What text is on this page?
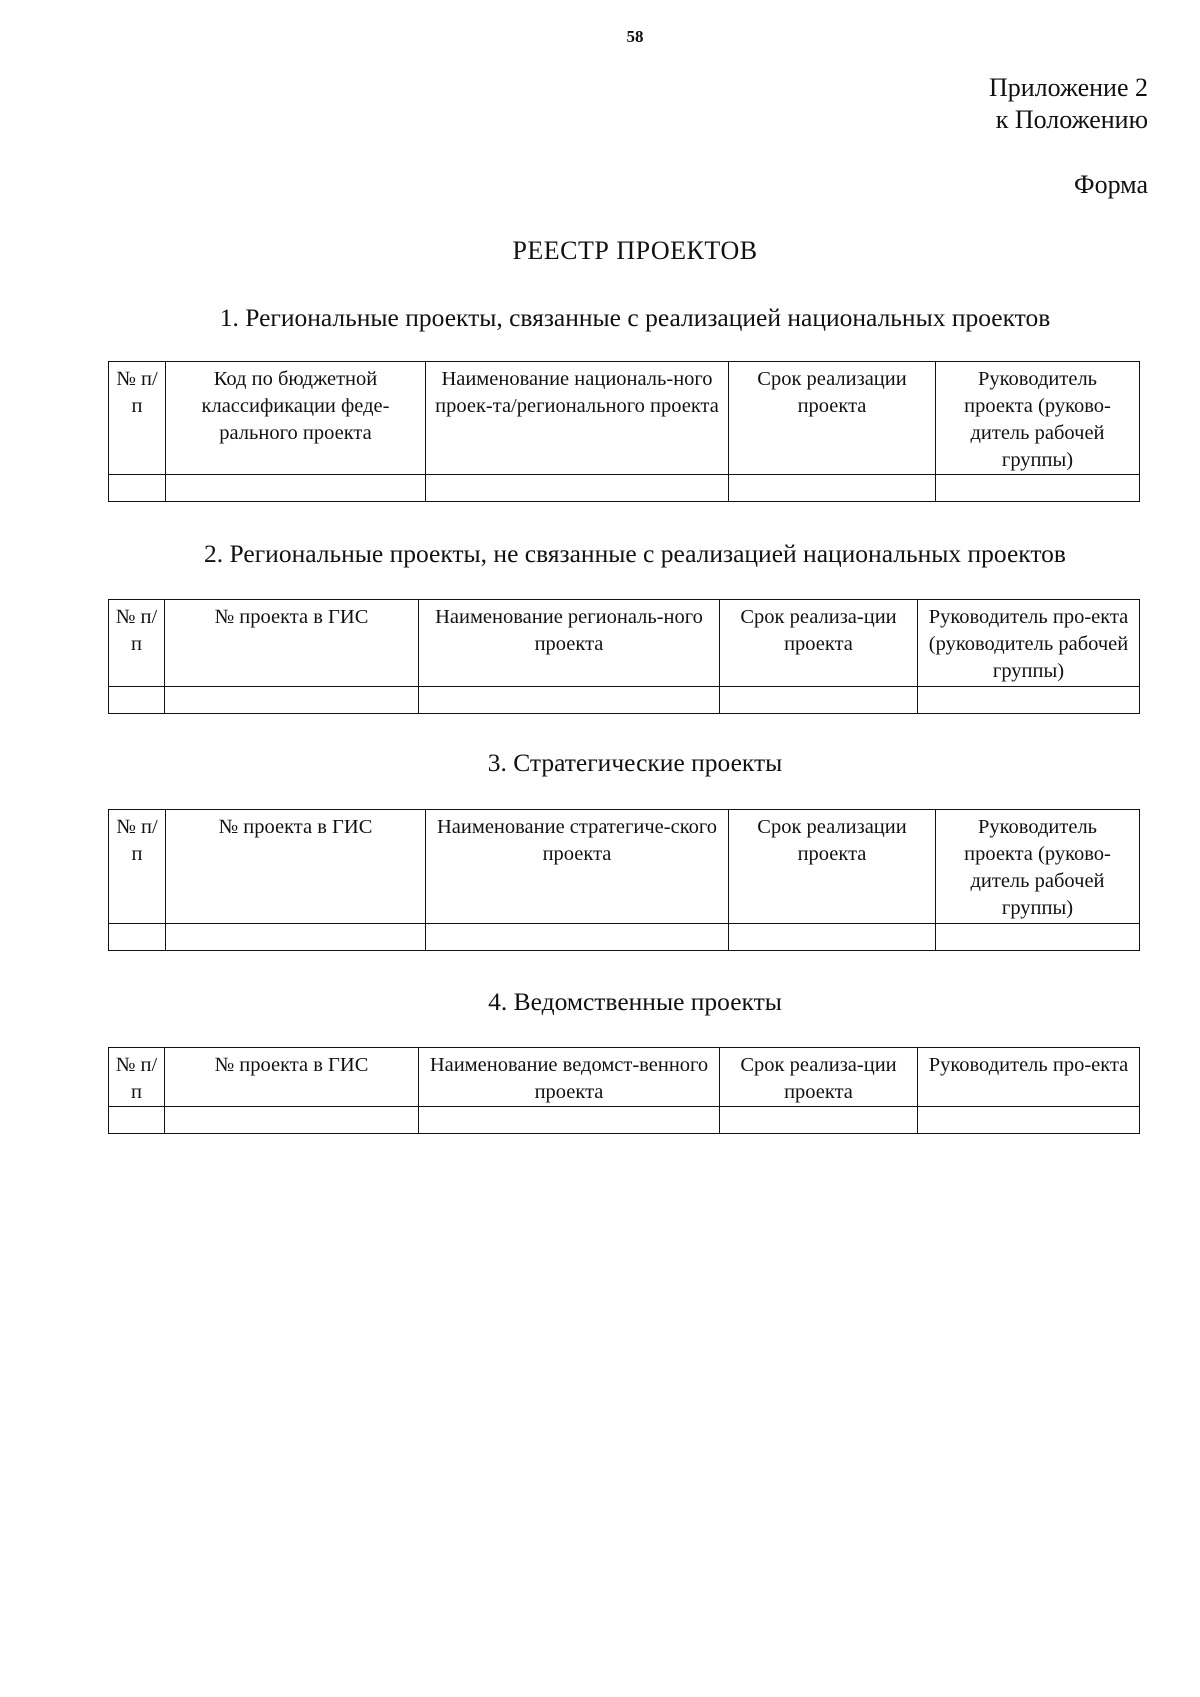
58
Приложение 2
к Положению
Форма
РЕЕСТР ПРОЕКТОВ
1. Региональные проекты, связанные с реализацией национальных проектов
№ п/п	Код по бюджетной классификации феде-рального проекта	Наименование националь-ного проек-та/регионального проекта	Срок реализации проекта	Руководитель проекта (руково-дитель рабочей группы)

2. Региональные проекты, не связанные с реализацией национальных проектов
№ п/п	№ проекта в ГИС	Наименование региональ-ного проекта	Срок реализа-ции проекта	Руководитель про-екта (руководитель рабочей группы)

3. Стратегические проекты
№ п/п	№ проекта в ГИС	Наименование стратегиче-ского проекта	Срок реализации проекта	Руководитель проекта (руково-дитель рабочей группы)

4. Ведомственные проекты
№ п/п	№ проекта в ГИС	Наименование ведомст-венного проекта	Срок реализа-ции проекта	Руководитель про-екта
